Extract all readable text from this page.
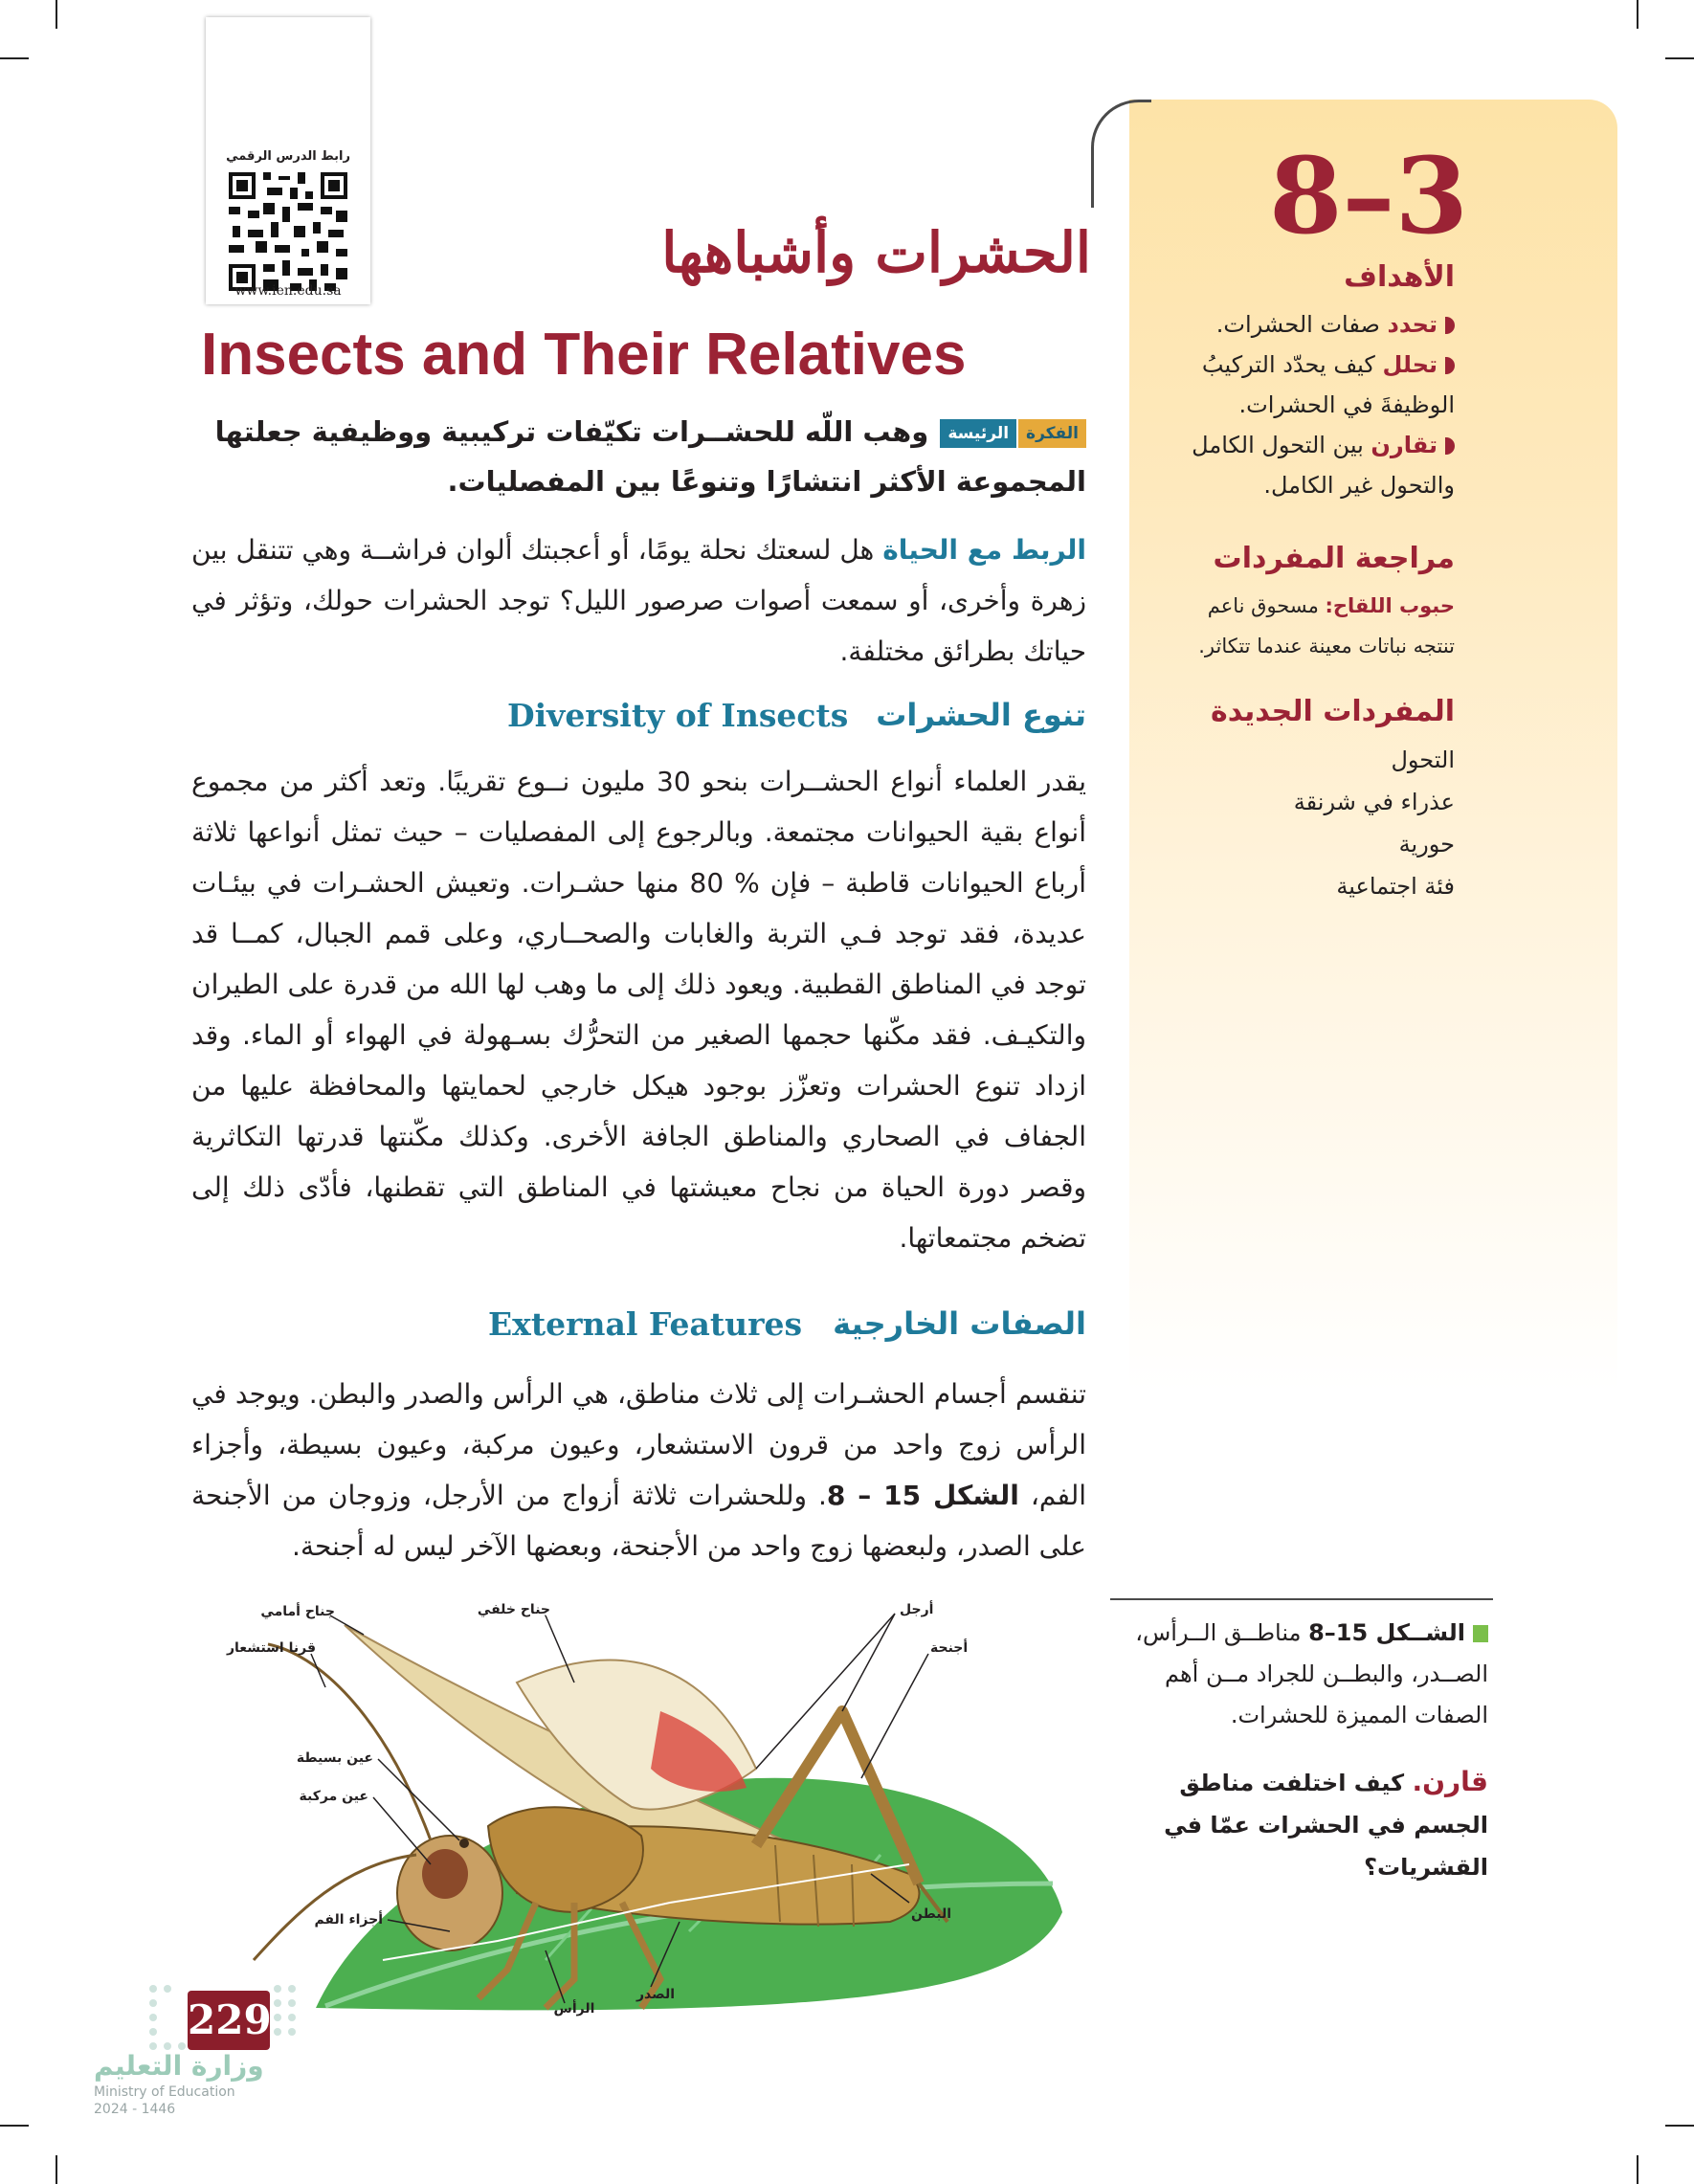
8–3
الأهداف
تحدد صفات الحشرات.
تحلل كيف يحدّد التركيبُ الوظيفةَ في الحشرات.
تقارن بين التحول الكامل والتحول غير الكامل.
مراجعة المفردات
حبوب اللقاح: مسحوق ناعم تنتجه نباتات معينة عندما تتكاثر.
المفردات الجديدة
التحول
عذراء في شرنقة
حورية
فئة اجتماعية
رابط الدرس الرقمي
www.ien.edu.sa
الحشرات وأشباهها
Insects and Their Relatives
الفكرةالرئيسة وهب اللّه للحشــرات تكيّفات تركيبية ووظيفية جعلتها المجموعة الأكثر انتشارًا وتنوعًا بين المفصليات.
الربط مع الحياة هل لسعتك نحلة يومًا، أو أعجبتك ألوان فراشــة وهي تتنقل بين زهرة وأخرى، أو سمعت أصوات صرصور الليل؟ توجد الحشرات حولك، وتؤثر في حياتك بطرائق مختلفة.
تنوع الحشرات
Diversity of Insects
يقدر العلماء أنواع الحشــرات بنحو 30 مليون نــوع تقريبًا. وتعد أكثر من مجموع أنواع بقية الحيوانات مجتمعة. وبالرجوع إلى المفصليات – حيث تمثل أنواعها ثلاثة أرباع الحيوانات قاطبة – فإن % 80 منها حشـرات. وتعيش الحشـرات في بيئـات عديدة، فقد توجد فـي التربة والغابات والصحــاري، وعلى قمم الجبال، كمــا قد توجد في المناطق القطبية. ويعود ذلك إلى ما وهب لها الله من قدرة على الطيران والتكيـف. فقد مكّنها حجمها الصغير من التحرُّك بسـهولة في الهواء أو الماء. وقد ازداد تنوع الحشرات وتعزّز بوجود هيكل خارجي لحمايتها والمحافظة عليها من الجفاف في الصحاري والمناطق الجافة الأخرى. وكذلك مكّنتها قدرتها التكاثرية وقصر دورة الحياة من نجاح معيشتها في المناطق التي تقطنها، فأدّى ذلك إلى تضخم مجتمعاتها.
الصفات الخارجية
External Features
تنقسم أجسام الحشـرات إلى ثلاث مناطق، هي الرأس والصدر والبطن. ويوجد في الرأس زوج واحد من قرون الاستشعار، وعيون مركبة، وعيون بسيطة، وأجزاء الفم، الشكل 15 – 8. وللحشرات ثلاثة أزواج من الأرجل، وزوجان من الأجنحة على الصدر، ولبعضها زوج واحد من الأجنحة، وبعضها الآخر ليس له أجنحة.
جناح أمامي	جناح خلفي	أرجل
أجنحة
قرنا استشعار
عين بسيطة
عين مركبة
أجزاء الفم	البطن
الصدر
الرأس
الشــكل 15–8 مناطــق الــرأس، الصــدر، والبطــن للجراد مــن أهم الصفات المميزة للحشرات.
قارن. كيف اختلفت مناطق الجسم في الحشرات عمّا في القشريات؟
229
وزارة التعليم
Ministry of Education
2024 - 1446
